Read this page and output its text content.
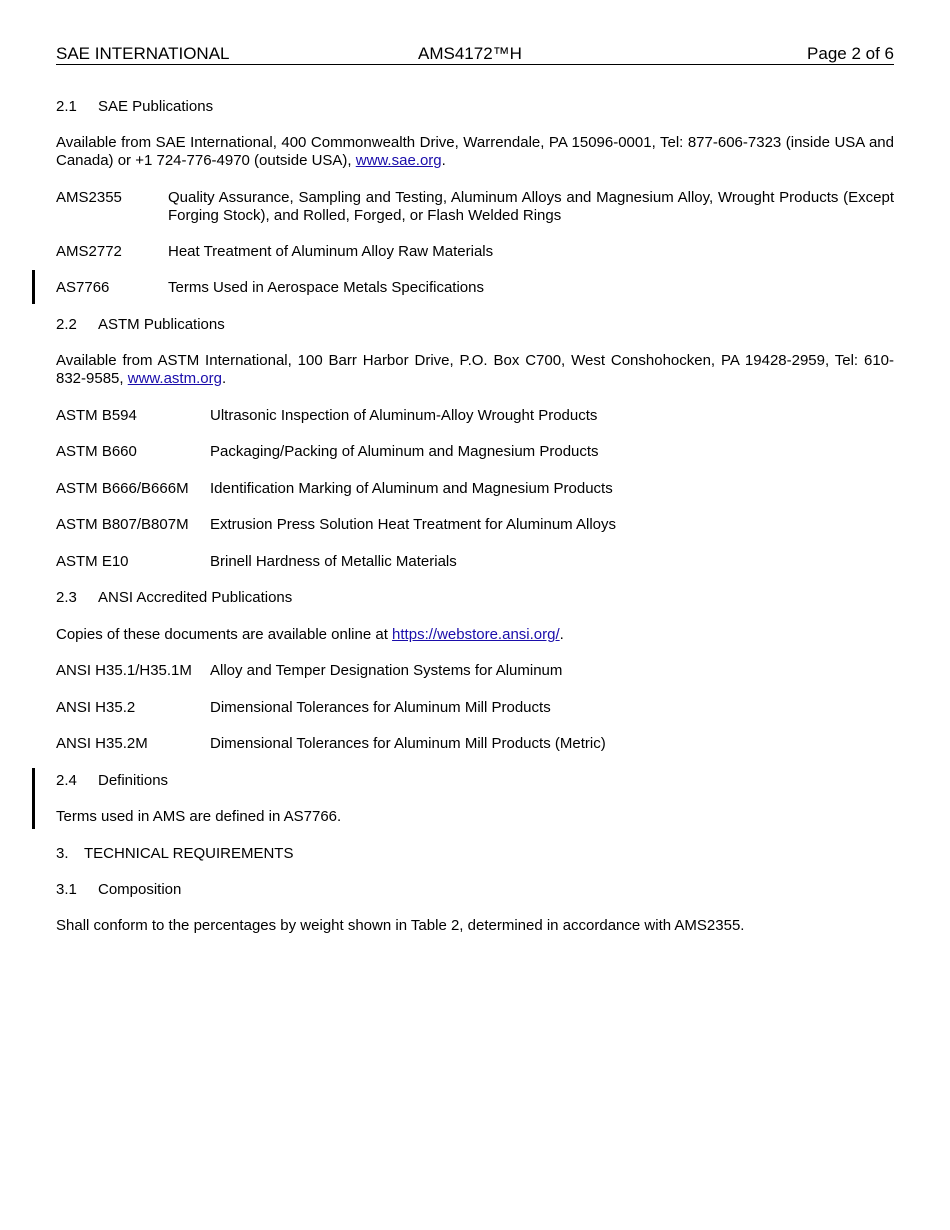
SAE INTERNATIONAL	AMS4172™H	Page 2 of 6
2.1 SAE Publications
Available from SAE International, 400 Commonwealth Drive, Warrendale, PA 15096-0001, Tel: 877-606-7323 (inside USA and Canada) or +1 724-776-4970 (outside USA), www.sae.org.
AMS2355	Quality Assurance, Sampling and Testing, Aluminum Alloys and Magnesium Alloy, Wrought Products (Except Forging Stock), and Rolled, Forged, or Flash Welded Rings
AMS2772	Heat Treatment of Aluminum Alloy Raw Materials
AS7766	Terms Used in Aerospace Metals Specifications
2.2 ASTM Publications
Available from ASTM International, 100 Barr Harbor Drive, P.O. Box C700, West Conshohocken, PA 19428-2959, Tel: 610-832-9585, www.astm.org.
ASTM B594	Ultrasonic Inspection of Aluminum-Alloy Wrought Products
ASTM B660	Packaging/Packing of Aluminum and Magnesium Products
ASTM B666/B666M Identification Marking of Aluminum and Magnesium Products
ASTM B807/B807M Extrusion Press Solution Heat Treatment for Aluminum Alloys
ASTM E10	Brinell Hardness of Metallic Materials
2.3 ANSI Accredited Publications
Copies of these documents are available online at https://webstore.ansi.org/.
ANSI H35.1/H35.1M Alloy and Temper Designation Systems for Aluminum
ANSI H35.2	Dimensional Tolerances for Aluminum Mill Products
ANSI H35.2M	Dimensional Tolerances for Aluminum Mill Products (Metric)
2.4 Definitions
Terms used in AMS are defined in AS7766.
3. TECHNICAL REQUIREMENTS
3.1 Composition
Shall conform to the percentages by weight shown in Table 2, determined in accordance with AMS2355.
